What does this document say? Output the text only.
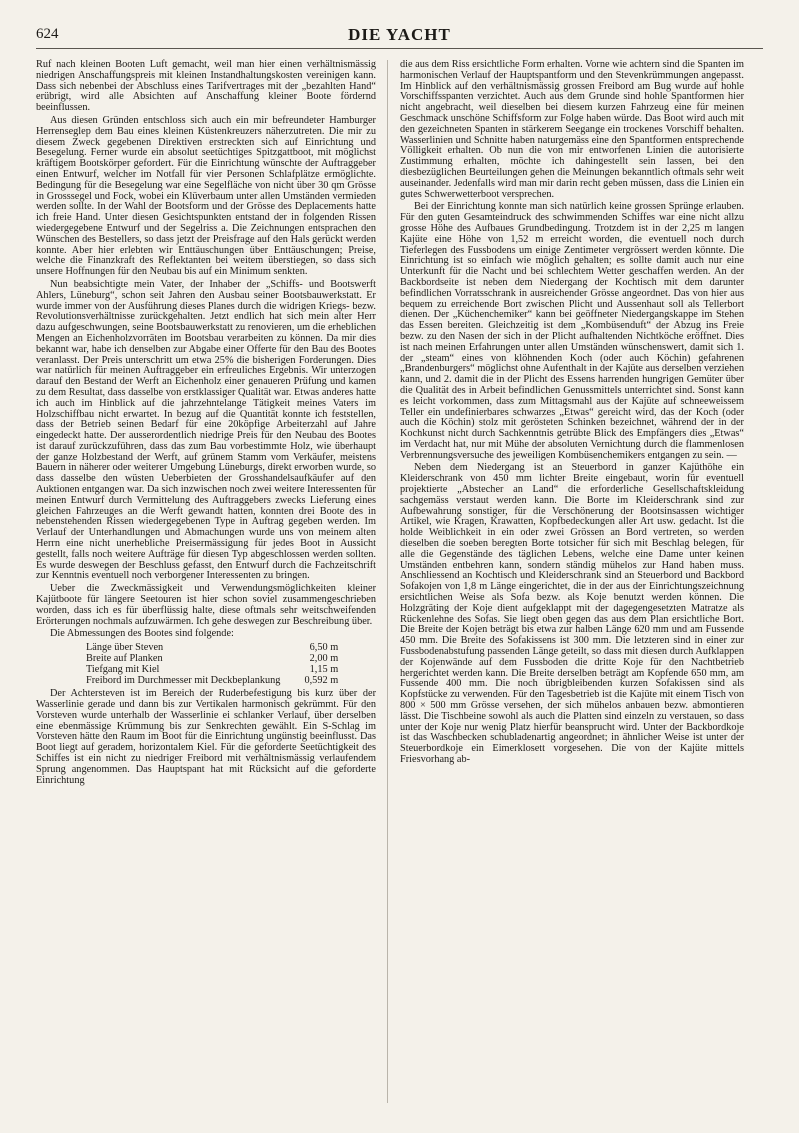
624	DIE YACHT

Ruf nach kleinen Booten Luft gemacht, weil man hier einen verhältnismässig niedrigen Anschaffungspreis mit kleinen Instandhaltungskosten vereinigen kann. Dass sich nebenbei der Abschluss eines Tarifvertrages mit der „bezahlten Hand“ erübrigt, wird alle Absichten auf Anschaffung kleiner Boote fördernd beeinflussen.

Aus diesen Gründen entschloss sich auch ein mir befreundeter Hamburger Herrenseglер dem Bau eines kleinen Küstenkreuzers näherzutreten. Die mir zu diesem Zweck gegebenen Direktiven erstreckten sich auf Einrichtung und Besegelung. Ferner wurde ein absolut seetüchtiges Spitzgattboot, mit möglichst kräftigem Bootskörper gefordert. Für die Einrichtung wünschte der Auftraggeber einen Entwurf, welcher im Notfall für vier Personen Schlafplätze ermöglichte. Bedingung für die Besegelung war eine Segelfläche von nicht über 30 qm Grösse in Grosssegel und Fock, wobei ein Klüverbaum unter allen Umständen vermieden werden sollte. In der Wahl der Bootsform und der Grösse des Deplacements hatte ich freie Hand. Unter diesen Gesichtspunkten entstand der in folgenden Rissen wiedergegebene Entwurf und der Segelriss a. Die Zeichnungen entsprachen den Wünschen des Bestellers, so dass jetzt der Preisfrage auf den Hals gerückt werden konnte. Aber hier erlebten wir Enttäuschungen über Enttäuschungen; Preise, welche die Finanzkraft des Reflektanten bei weitem überstiegen, so dass sich unsere Hoffnungen für den Neubau bis auf ein Minimum senkten.

Nun beabsichtigte mein Vater, der Inhaber der „Schiffs- und Bootswerft Ahlers, Lüneburg“, schon seit Jahren den Ausbau seiner Bootsbauwerkstatt. Er wurde immer von der Ausführung dieses Planes durch die widrigen Kriegs- bezw. Revolutionsverhältnisse zurückgehalten. Jetzt endlich hat sich mein alter Herr dazu aufgeschwungen, seine Bootsbauwerkstatt zu renovieren, um die erheblichen Mengen an Eichenholzvorräten im Bootsbau verarbeiten zu können. Da mir dies bekannt war, habe ich denselben zur Abgabe einer Offerte für den Bau des Bootes veranlasst. Der Preis unterschritt um etwa 25% die bisherigen Forderungen. Dies war natürlich für meinen Auftraggeber ein erfreuliches Ergebnis. Wir unterzogen darauf den Bestand der Werft an Eichenholz einer genaueren Prüfung und kamen zu dem Resultat, dass dasselbe von erstklassiger Qualität war. Etwas anderes hatte ich auch im Hinblick auf die jahrzehntelange Tätigkeit meines Vaters im Holzschiffbau nicht erwartet. In bezug auf die Quantität konnte ich feststellen, dass der Betrieb seinen Bedarf für eine 20köpfige Arbeiterzahl auf Jahre eingedeckt hatte. Der ausserordentlich niedrige Preis für den Neubau des Bootes ist darauf zurückzuführen, dass das zum Bau vorbestimmte Holz, wie überhaupt der ganze Holzbestand der Werft, auf grünem Stamm vom Verkäufer, meistens Bauern in näherer oder weiterer Umgebung Lüneburgs, direkt erworben wurde, so dass dasselbe den wüsten Ueberbieten der Grosshandelsaufkäufer auf den Auktionen entgangen war. Da sich inzwischen noch zwei weitere Interessenten für meinen Entwurf durch Vermittelung des Auftraggebers zwecks Lieferung eines gleichen Fahrzeuges an die Werft gewandt hatten, konnten drei Boote des in nebenstehenden Rissen wiedergegebenen Type in Auftrag gegeben werden. Im Verlauf der Unterhandlungen und Abmachungen wurde uns von meinem alten Herrn eine nicht unerhebliche Preisermässigung für jedes Boot in Aussicht gestellt, falls noch weitere Aufträge für diesen Typ abgeschlossen werden sollten. Es wurde deswegen der Beschluss gefasst, den Entwurf durch die Fachzeitschrift zur Kenntnis eventuell noch verborgener Interessenten zu bringen.

Ueber die Zweckmässigkeit und Verwendungsmöglichkeiten kleiner Kajütboote für längere Seetouren ist hier schon soviel zusammengeschrieben worden, dass ich es für überflüssig halte, diese oftmals sehr weitschweifenden Erörterungen nochmals aufzuwärmen. Ich gehe deswegen zur Beschreibung über.

Die Abmessungen des Bootes sind folgende:

Länge über Steven	6,50 m
Breite auf Planken	2,00 m
Tiefgang mit Kiel	1,15 m
Freibord im Durchmesser mit Deckbeplankung	0,592 m

Der Achtersteven ist im Bereich der Ruderbefestigung bis kurz über der Wasserlinie gerade und dann bis zur Vertikalen harmonisch gekrümmt. Für den Vorsteven wurde unterhalb der Wasserlinie ei schlanker Verlauf, über derselben eine ebenmässige Krümmung bis zur Senkrechten gewählt. Ein S-Schlag im Vorsteven hätte den Raum im Boot für die Einrichtung ungünstig beeinflusst. Das Boot liegt auf geradem, horizontalem Kiel. Für die geforderte Seetüchtigkeit des Schiffes ist ein nicht zu niedriger Freibord mit verhältnismässig verlaufendem Sprung angenommen. Das Hauptspant hat mit Rücksicht auf die geforderte Einrichtung

die aus dem Riss ersichtliche Form erhalten. Vorne wie achtern sind die Spanten im harmonischen Verlauf der Hauptspantform und den Stevenkrümmungen angepasst. Im Hinblick auf den verhältnismässig grossen Freibord am Bug wurde auf hohle Vorschiffsspanten verzichtet. Auch aus dem Grunde sind hohle Spantformen hier nicht angebracht, weil dieselben bei diesem kurzen Fahrzeug eine für meinen Geschmack unschöne Schiffsform zur Folge haben würde. Das Boot wird auch mit den gezeichneten Spanten in stärkerem Seegange ein trockenes Vorschiff behalten. Wasserlinien und Schnitte haben naturgemäss eine den Spantformen entsprechende Völligkeit erhalten. Ob nun die von mir entworfenen Linien die autorisierte Zustimmung erhalten, möchte ich dahingestellt sein lassen, bei den diesbezüglichen Beurteilungen gehen die Meinungen bekanntlich oftmals sehr weit auseinander. Jedenfalls wird man mir darin recht geben müssen, dass die Linien ein gutes Schwerwetterboot versprechen.

Bei der Einrichtung konnte man sich natürlich keine grossen Sprünge erlauben. Für den guten Gesamteindruck des schwimmenden Schiffes war eine nicht allzu grosse Höhe des Aufbaues Grundbedingung. Trotzdem ist in der 2,25 m langen Kajüte eine Höhe von 1,52 m erreicht worden, die eventuell noch durch Tieferlegen des Fussbodens um einige Zentimeter vergrössert werden könnte. Die Einrichtung ist so einfach wie möglich gehalten; es sollte damit auch nur eine Unterkunft für die Nacht und bei schlechtem Wetter geschaffen werden. An der Backbordseite ist neben dem Niedergang der Kochtisch mit dem darunter befindlichen Vorratsschrank in ausreichender Grösse angeordnet. Das von hier aus bequem zu erreichende Bort zwischen Plicht und Aussenhaut soll als Tellerbort dienen. Der „Küchenchemiker“ kann bei geöffneter Niedergangskappe im Stehen das Essen bereiten. Gleichzeitig ist dem „Kombüsenduft“ der Abzug ins Freie bezw. zu den Nasen der sich in der Plicht aufhaltenden Nichtköche eröffnet. Dies ist nach meinen Erfahrungen unter allen Umständen wünschenswert, damit sich 1. der „steam“ eines von klöhnenden Koch (oder auch Köchin) gefahrenen „Brandenburgers“ möglichst ohne Aufenthalt in der Kajüte aus derselben verziehen kann, und 2. damit die in der Plicht des Essens harrenden hungrigen Gemüter über die Qualität des in Arbeit befindlichen Genussmittels unterrichtet sind. Sonst kann es leicht vorkommen, dass zum Mittagsmahl aus der Kajüte auf schneeweissem Teller ein undefinierbares schwarzes „Etwas“ gereicht wird, das der Koch (oder auch die Köchin) stolz mit gerösteten Schinken bezeichnet, während der in der Kochkunst nicht durch Sachkenntnis getrübte Blick des Empfängers dies „Etwas“ im Verdacht hat, nur mit Mühe der absoluten Vernichtung durch die flammenlosen Verbrennungsversuche des jeweiligen Kombüsenchemikers entgangen zu sein. —

Neben dem Niedergang ist an Steuerbord in ganzer Kajüthöhe ein Kleiderschrank von 450 mm lichter Breite eingebaut, worin für eventuell projektierte „Abstecher an Land“ die erforderliche Gesellschaftskleidung sachgemäss verstaut werden kann. Die Borte im Kleiderschrank sind zur Aufbewahrung sonstiger, für die Verschönerung der Bootsinsassen wichtiger Artikel, wie Kragen, Krawatten, Kopfbedeckungen aller Art usw. gedacht. Ist die holde Weiblichkeit in ein oder zwei Grössen an Bord vertreten, so werden dieselben die soeben beregten Borte totsicher für sich mit Beschlag belegen, für alle die Gegenstände des täglichen Lebens, welche eine Dame unter keinen Umständen entbehren kann, sondern ständig mühelos zur Hand haben muss. Anschliessend an Kochtisch und Kleiderschrank sind an Steuerbord und Backbord Sofakojen von 1,8 m Länge eingerichtet, die in der aus der Einrichtungszeichnung ersichtlichen Weise als Sofa bezw. als Koje benutzt werden können. Die Holzgräting der Koje dient aufgeklappt mit der dagegengesetzten Matratze als Rückenlehne des Sofas. Sie liegt oben gegen das aus dem Plan ersichtliche Bort. Die Breite der Kojen beträgt bis etwa zur halben Länge 620 mm und am Fussende 450 mm. Die Breite des Sofakissens ist 300 mm. Die letzteren sind in einer zur Fussbodenabstufung passenden Länge geteilt, so dass mit diesen durch Aufklappen der Kojenwände auf dem Fussboden die dritte Koje für den Nachtbetrieb hergerichtet werden kann. Die Breite derselben beträgt am Kopfende 650 mm, am Fussende 400 mm. Die noch übrigbleibenden kurzen Sofakissen sind als Kopfstücke zu verwenden. Für den Tagesbetrieb ist die Kajüte mit einem Tisch von 800 × 500 mm Grösse versehen, der sich mühelos anbauen bezw. abmontieren lässt. Die Tischbeine sowohl als auch die Platten sind einzeln zu verstauen, so dass unter der Koje nur wenig Platz hierfür beansprucht wird. Unter der Backbordkoje ist das Waschbecken schubladenartig angeordnet; in ähnlicher Weise ist unter der Steuerbordkoje ein Eimerklosett vorgesehen. Die von der Kajüte mittels Friesvorhang ab-
